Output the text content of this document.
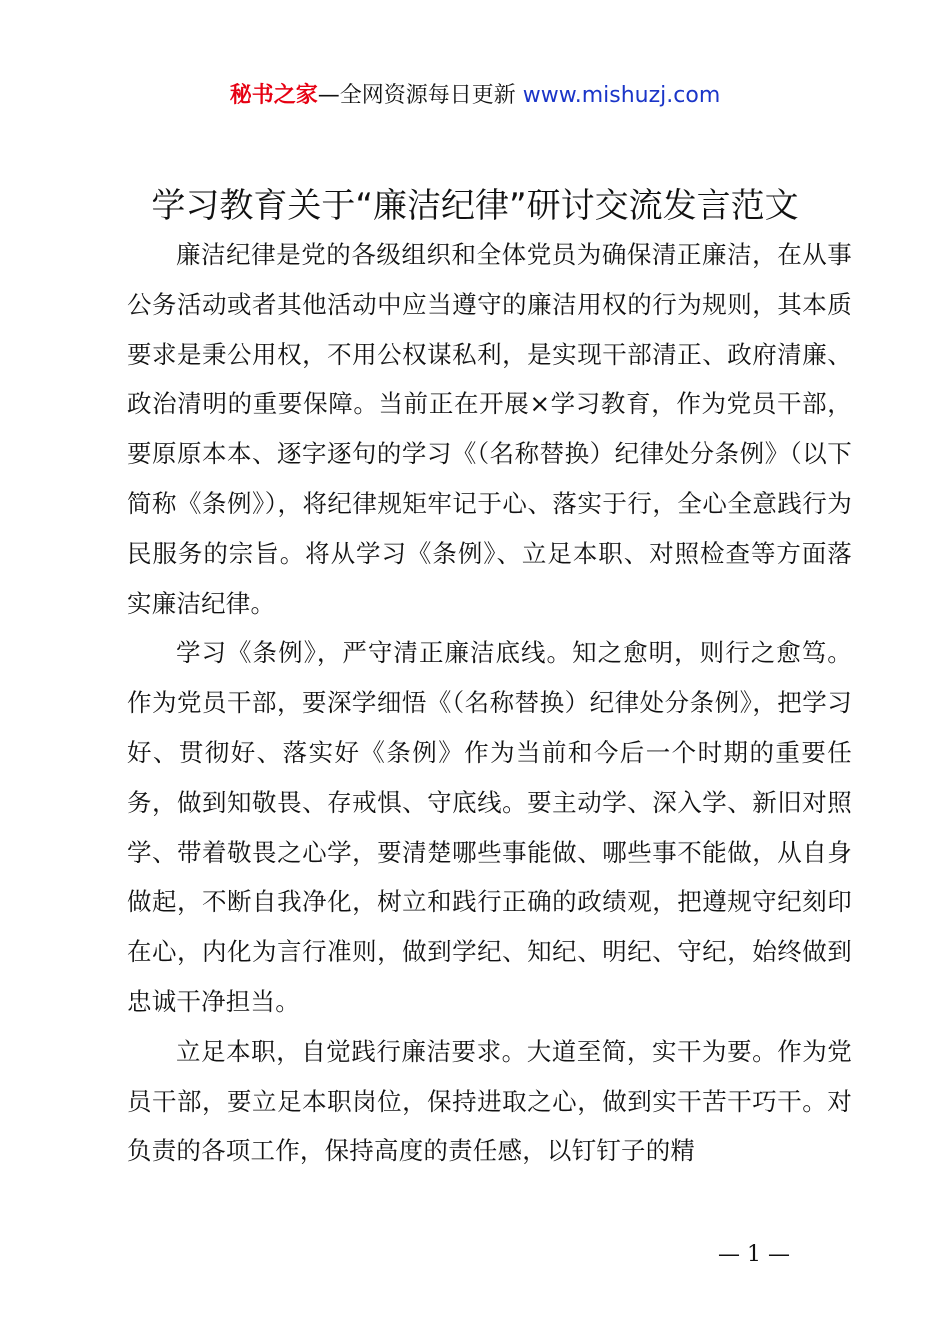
秘书之家—全网资源每日更新 www.mishuzj.com
学习教育关于“廉洁纪律”研讨交流发言范文

廉洁纪律是党的各级组织和全体党员为确保清正廉洁，在从事公务活动或者其他活动中应当遵守的廉洁用权的行为规则，其本质要求是秉公用权，不用公权谋私利，是实现干部清正、政府清廉、政治清明的重要保障。当前正在开展×学习教育，作为党员干部，要原原本本、逐字逐句的学习《（名称替换）纪律处分条例》（以下简称《条例》），将纪律规矩牢记于心、落实于行，全心全意践行为民服务的宗旨。将从学习《条例》、立足本职、对照检查等方面落实廉洁纪律。

学习《条例》，严守清正廉洁底线。知之愈明，则行之愈笃。作为党员干部，要深学细悟《（名称替换）纪律处分条例》，把学习好、贯彻好、落实好《条例》作为当前和今后一个时期的重要任务，做到知敬畏、存戒惧、守底线。要主动学、深入学、新旧对照学、带着敬畏之心学，要清楚哪些事能做、哪些事不能做，从自身做起，不断自我净化，树立和践行正确的政绩观，把遵规守纪刻印在心，内化为言行准则，做到学纪、知纪、明纪、守纪，始终做到忠诚干净担当。

立足本职，自觉践行廉洁要求。大道至简，实干为要。作为党员干部，要立足本职岗位，保持进取之心，做到实干苦干巧干。对负责的各项工作，保持高度的责任感，以钉钉子的精

— 1 —
